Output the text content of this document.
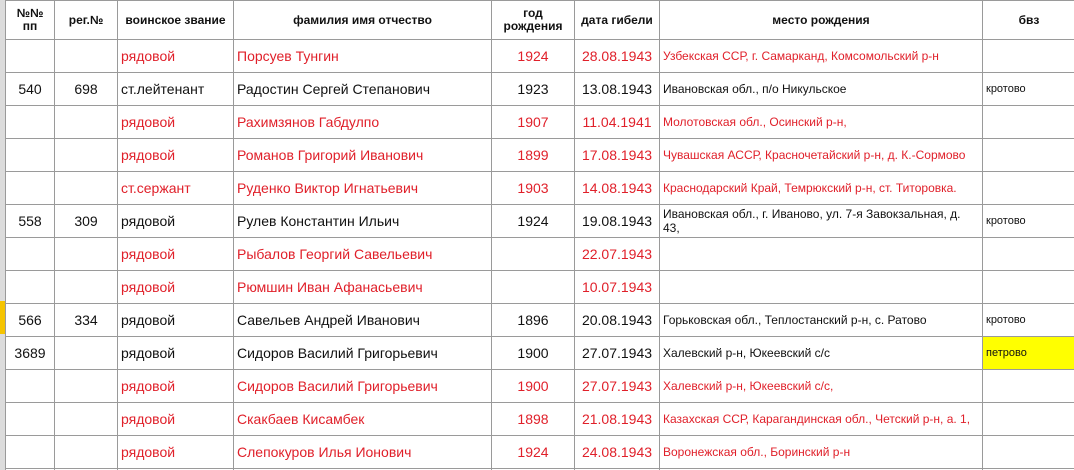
№№ пп	рег.№	воинское звание	фамилия имя отчество	год рождения	дата гибели	место рождения	бвз
		рядовой	Порсуев Тунгин	1924	28.08.1943	Узбекская ССР, г. Самарканд, Комсомольский р-н	
540	698	ст.лейтенант	Радостин Сергей Степанович	1923	13.08.1943	Ивановская обл., п/о Никульское	кротово
		рядовой	Рахимзянов Габдулпо	1907	11.04.1941	Молотовская обл., Осинский р-н,	
		рядовой	Романов Григорий Иванович	1899	17.08.1943	Чувашская АССР, Красночетайский р-н, д. К.-Сормово	
		ст.сержант	Руденко Виктор Игнатьевич	1903	14.08.1943	Краснодарский Край, Темрюкский р-н, ст. Титоровка.	
558	309	рядовой	Рулев Константин Ильич	1924	19.08.1943	Ивановская обл., г. Иваново, ул. 7-я Завокзальная, д. 43,	кротово
		рядовой	Рыбалов Георгий Савельевич		22.07.1943		
		рядовой	Рюмшин Иван Афанасьевич		10.07.1943		
566	334	рядовой	Савельев Андрей Иванович	1896	20.08.1943	Горьковская обл., Теплостанский р-н, с. Ратово	кротово
3689		рядовой	Сидоров Василий Григорьевич	1900	27.07.1943	Халевский р-н, Юкеевский с/с	петрово
		рядовой	Сидоров Василий Григорьевич	1900	27.07.1943	Халевский р-н, Юкеевский с/с,	
		рядовой	Скакбаев Кисамбек	1898	21.08.1943	Казахская ССР, Карагандинская обл., Четский р-н, а. 1,	
		рядовой	Слепокуров Илья Ионович	1924	24.08.1943	Воронежская обл., Боринский р-н	
